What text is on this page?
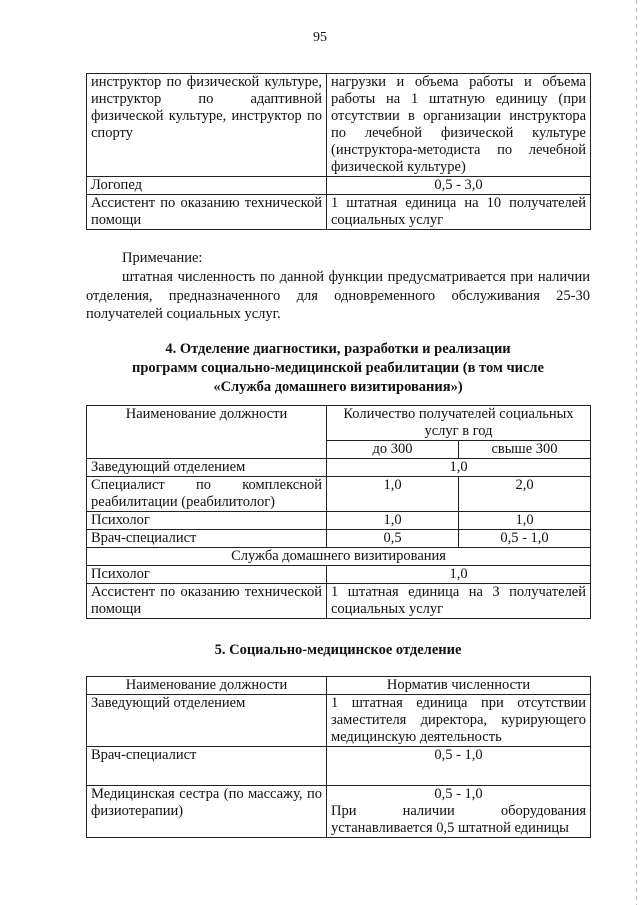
95
инструктор по физической культуре, инструктор по адаптивной физической культуре, инструктор по спорту	нагрузки и объема работы и объема работы на 1 штатную единицу (при отсутствии в организации инструктора по лечебной физической культуре (инструктора-методиста по лечебной физической культуре)
Логопед	0,5 - 3,0
Ассистент по оказанию технической помощи	1 штатная единица на 10 получателей социальных услуг
Примечание:
штатная численность по данной функции предусматривается при наличии отделения, предназначенного для одновременного обслуживания 25-30 получателей социальных услуг.
4. Отделение диагностики, разработки и реализации
программ социально-медицинской реабилитации (в том числе
«Служба домашнего визитирования»)
Наименование должности	Количество получателей социальных услуг в год	
	до 300	свыше 300
Заведующий отделением	1,0	
Специалист по комплексной реабилитации (реабилитолог)	1,0	2,0
Психолог	1,0	1,0
Врач-специалист	0,5	0,5 - 1,0
Служба домашнего визитирования		
Психолог	1,0	
Ассистент по оказанию технической помощи	1 штатная единица на 3 получателей социальных услуг	
5. Социально-медицинское отделение
Наименование должности	Норматив численности
Заведующий отделением	1 штатная единица при отсутствии заместителя директора, курирующего медицинскую деятельность
Врач-специалист	0,5 - 1,0
Медицинская сестра (по массажу, по физиотерапии)	0,5 - 1,0
При наличии оборудования устанавливается 0,5 штатной единицы
